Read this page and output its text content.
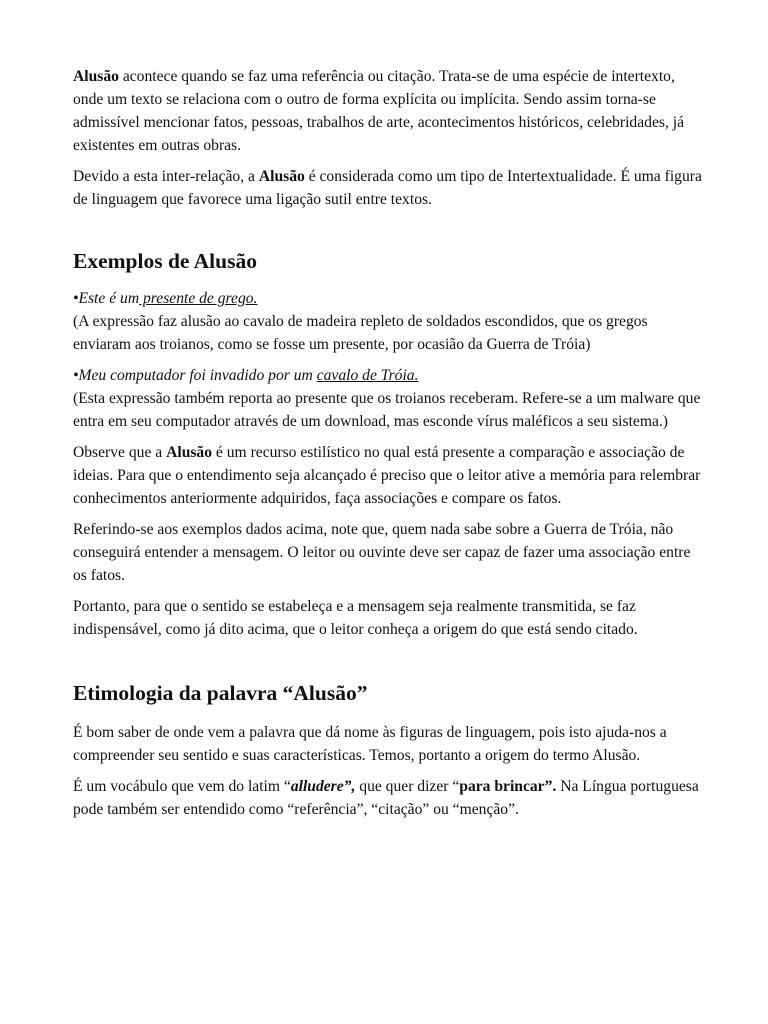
Alusão acontece quando se faz uma referência ou citação. Trata-se de uma espécie de intertexto, onde um texto se relaciona com o outro de forma explícita ou implícita. Sendo assim torna-se admissível mencionar fatos, pessoas, trabalhos de arte, acontecimentos históricos, celebridades, já existentes em outras obras.

Devido a esta inter-relação, a Alusão é considerada como um tipo de Intertextualidade. É uma figura de linguagem que favorece uma ligação sutil entre textos.

Exemplos de Alusão

•Este é um presente de grego.
(A expressão faz alusão ao cavalo de madeira repleto de soldados escondidos, que os gregos enviaram aos troianos, como se fosse um presente, por ocasião da Guerra de Tróia)

•Meu computador foi invadido por um cavalo de Tróia.
(Esta expressão também reporta ao presente que os troianos receberam. Refere-se a um malware que entra em seu computador através de um download, mas esconde vírus maléficos a seu sistema.)

Observe que a Alusão é um recurso estilístico no qual está presente a comparação e associação de ideias. Para que o entendimento seja alcançado é preciso que o leitor ative a memória para relembrar conhecimentos anteriormente adquiridos, faça associações e compare os fatos.

Referindo-se aos exemplos dados acima, note que, quem nada sabe sobre a Guerra de Tróia, não conseguirá entender a mensagem. O leitor ou ouvinte deve ser capaz de fazer uma associação entre os fatos.

Portanto, para que o sentido se estabeleça e a mensagem seja realmente transmitida, se faz indispensável, como já dito acima, que o leitor conheça a origem do que está sendo citado.

Etimologia da palavra “Alusão”

É bom saber de onde vem a palavra que dá nome às figuras de linguagem, pois isto ajuda-nos a compreender seu sentido e suas características. Temos, portanto a origem do termo Alusão.

É um vocábulo que vem do latim “alludere”, que quer dizer “para brincar”. Na Língua portuguesa pode também ser entendido como “referência”, “citação” ou “menção”.
